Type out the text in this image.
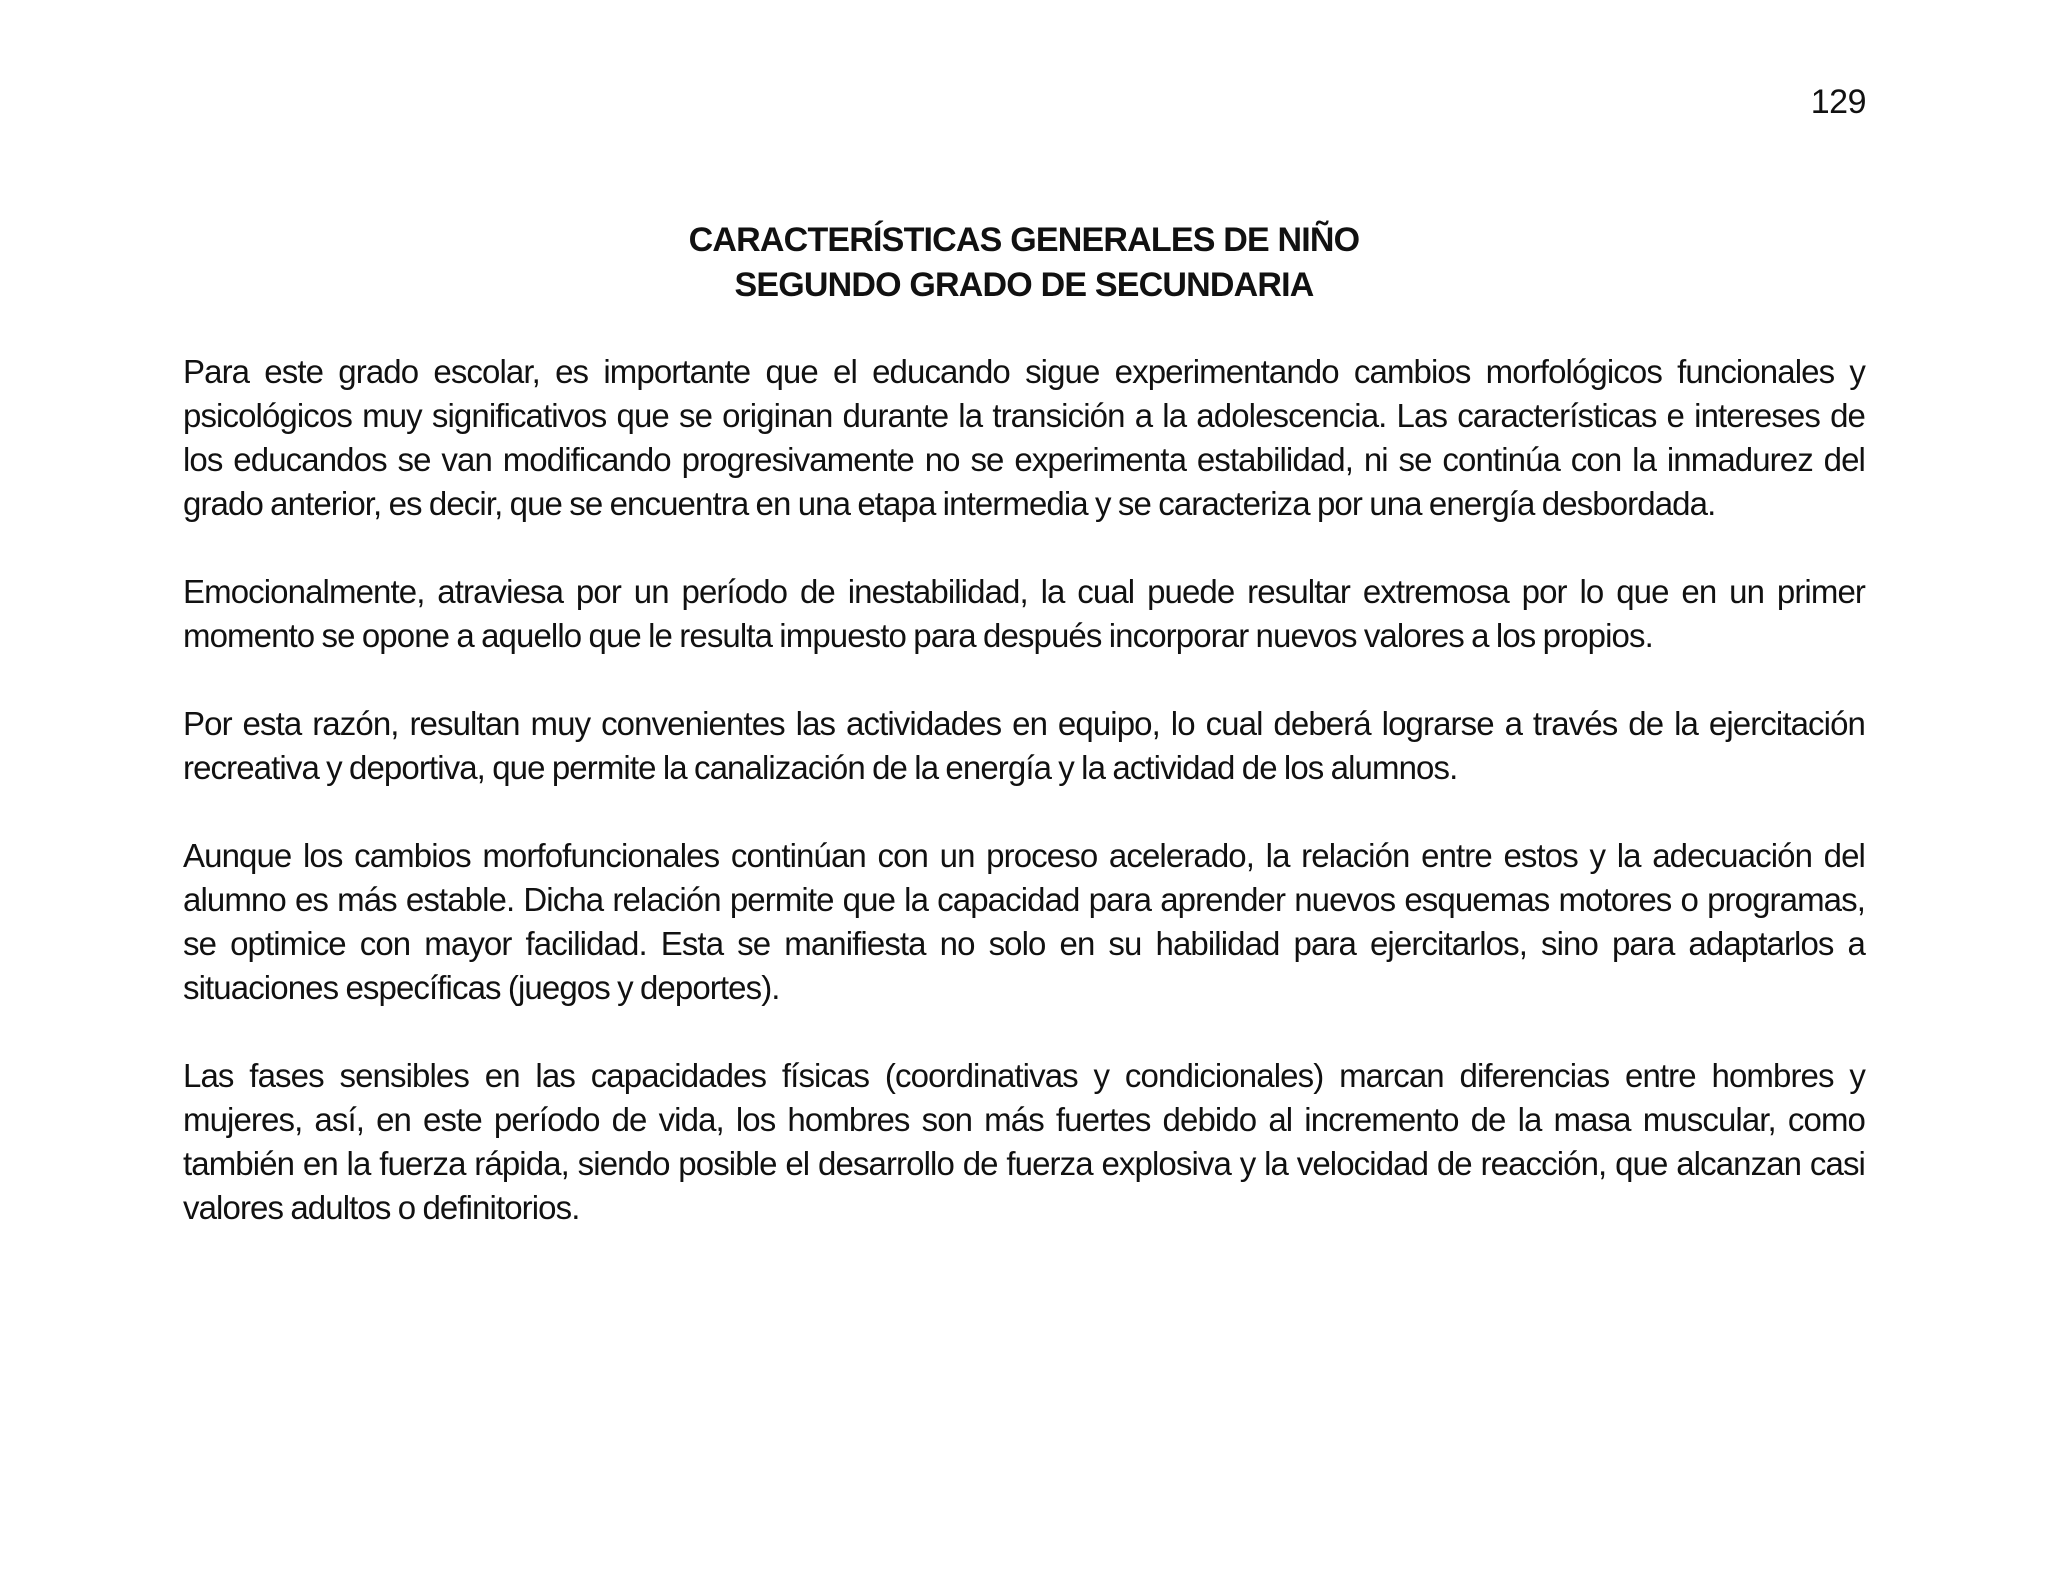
129
CARACTERÍSTICAS GENERALES DE NIÑO
SEGUNDO GRADO DE SECUNDARIA

Para este grado escolar, es importante que el educando sigue experimentando cambios morfológicos funcionales y psicológicos muy significativos que se originan durante la transición a la adolescencia. Las características e intereses de los educandos se van modificando progresivamente no se experimenta estabilidad, ni se continúa con la inmadurez del grado anterior, es decir, que se encuentra en una etapa intermedia y se caracteriza por una energía desbordada.

Emocionalmente, atraviesa por un período de inestabilidad, la cual puede resultar extremosa por lo que en un primer momento se opone a aquello que le resulta impuesto para después incorporar nuevos valores a los propios.

Por esta razón, resultan muy convenientes las actividades en equipo, lo cual deberá lograrse a través de la ejercitación recreativa y deportiva, que permite la canalización de la energía y la actividad de los alumnos.

Aunque los cambios morfofuncionales continúan con un proceso acelerado, la relación entre estos y la adecuación del alumno es más estable. Dicha relación permite que la capacidad para aprender nuevos esquemas motores o programas, se optimice con mayor facilidad. Esta se manifiesta no solo en su habilidad para ejercitarlos, sino para adaptarlos a situaciones específicas (juegos y deportes).

Las fases sensibles en las capacidades físicas (coordinativas y condicionales) marcan diferencias entre hombres y mujeres, así, en este período de vida, los hombres son más fuertes debido al incremento de la masa muscular, como también en la fuerza rápida, siendo posible el desarrollo de fuerza explosiva y la velocidad de reacción, que alcanzan casi valores adultos o definitorios.
